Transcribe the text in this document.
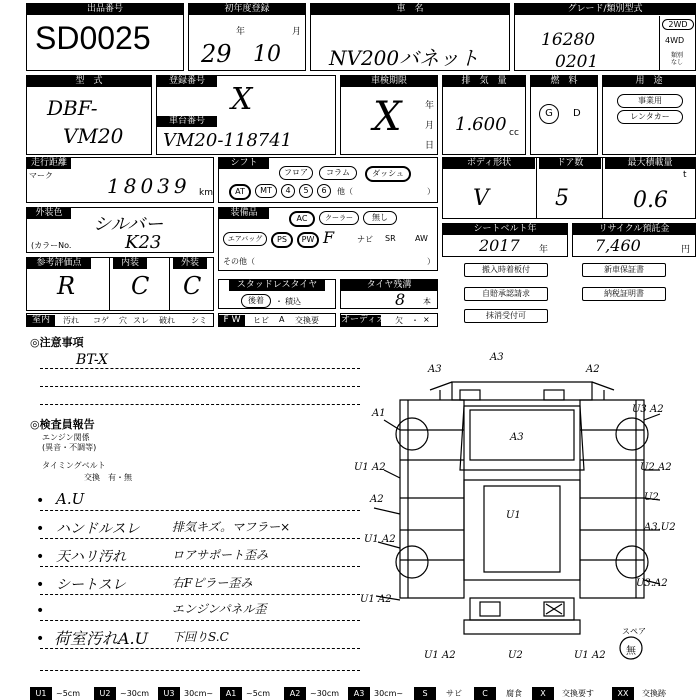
出品番号
SD0025
初年度登録
年	月
29 10
車　名
NV200バネット
グレード/類別型式
16280
0201
2WD
4WD
類別
なし
型　式
DBF-
VM20
登録番号
X
車台番号
VM20-118741
車検期限
年
月
日
X
排　気　量
1.600 cc
燃　料
G	D
用　途
事業用
レンタカー
走行距離
マーク	18039 km
シフト
フロア	コラム	ダッシュ
AT	MT	4	5	6	他（	）
ボディ形状	ドア数	最大積載量
V	5
t
0.6
外装色
シルバー
(カラーNo.	K23
装備品
AC	クーラー	無し
エアバッグ	PS	PW F	ナビ SR AW
その他（	）
シートベルト年
2017 年
リサイクル預託金
7,460	円
参考評価点	内装	外装
R C C	スタッドレスタイヤ
後着	・ 積込
タイヤ残溝
8 本
搬入時着板付	新車保証書
自賠承認請求	納税証明書
抹消受付可
室内	汚れ コゲ 穴 スレ 破れ シミ	F W	ヒビ A 交換要 オーディオ 欠 ・ ×
◎注意事項
BT-X
◎検査員報告
エンジン関係
(異音・不調等)
タイミングベルト
交換　有・無
• A.U
• ハンドルスレ	排気キズ。マフラー×
• 天ハリ汚れ	ロアサポート歪み
• シートスレ	右Fピラー歪み
•	エンジンパネル歪
• 荷室汚れA.U 下回りS.C
A3
A3	A2
A1	U3 A2
A3
U1 A2	U2 A2
A2	U2
U1
A3.U2
U1 A2
U3.A2
U1 A2
U1 A2	U2	U1 A2
スペア
無
U1	~5cm	U2	~30cm	U3	30cm~	A1	~5cm	A2	~30cm	A3	30cm~	S	サビ	C	腐食	X	交換要す	XX	交換跡
